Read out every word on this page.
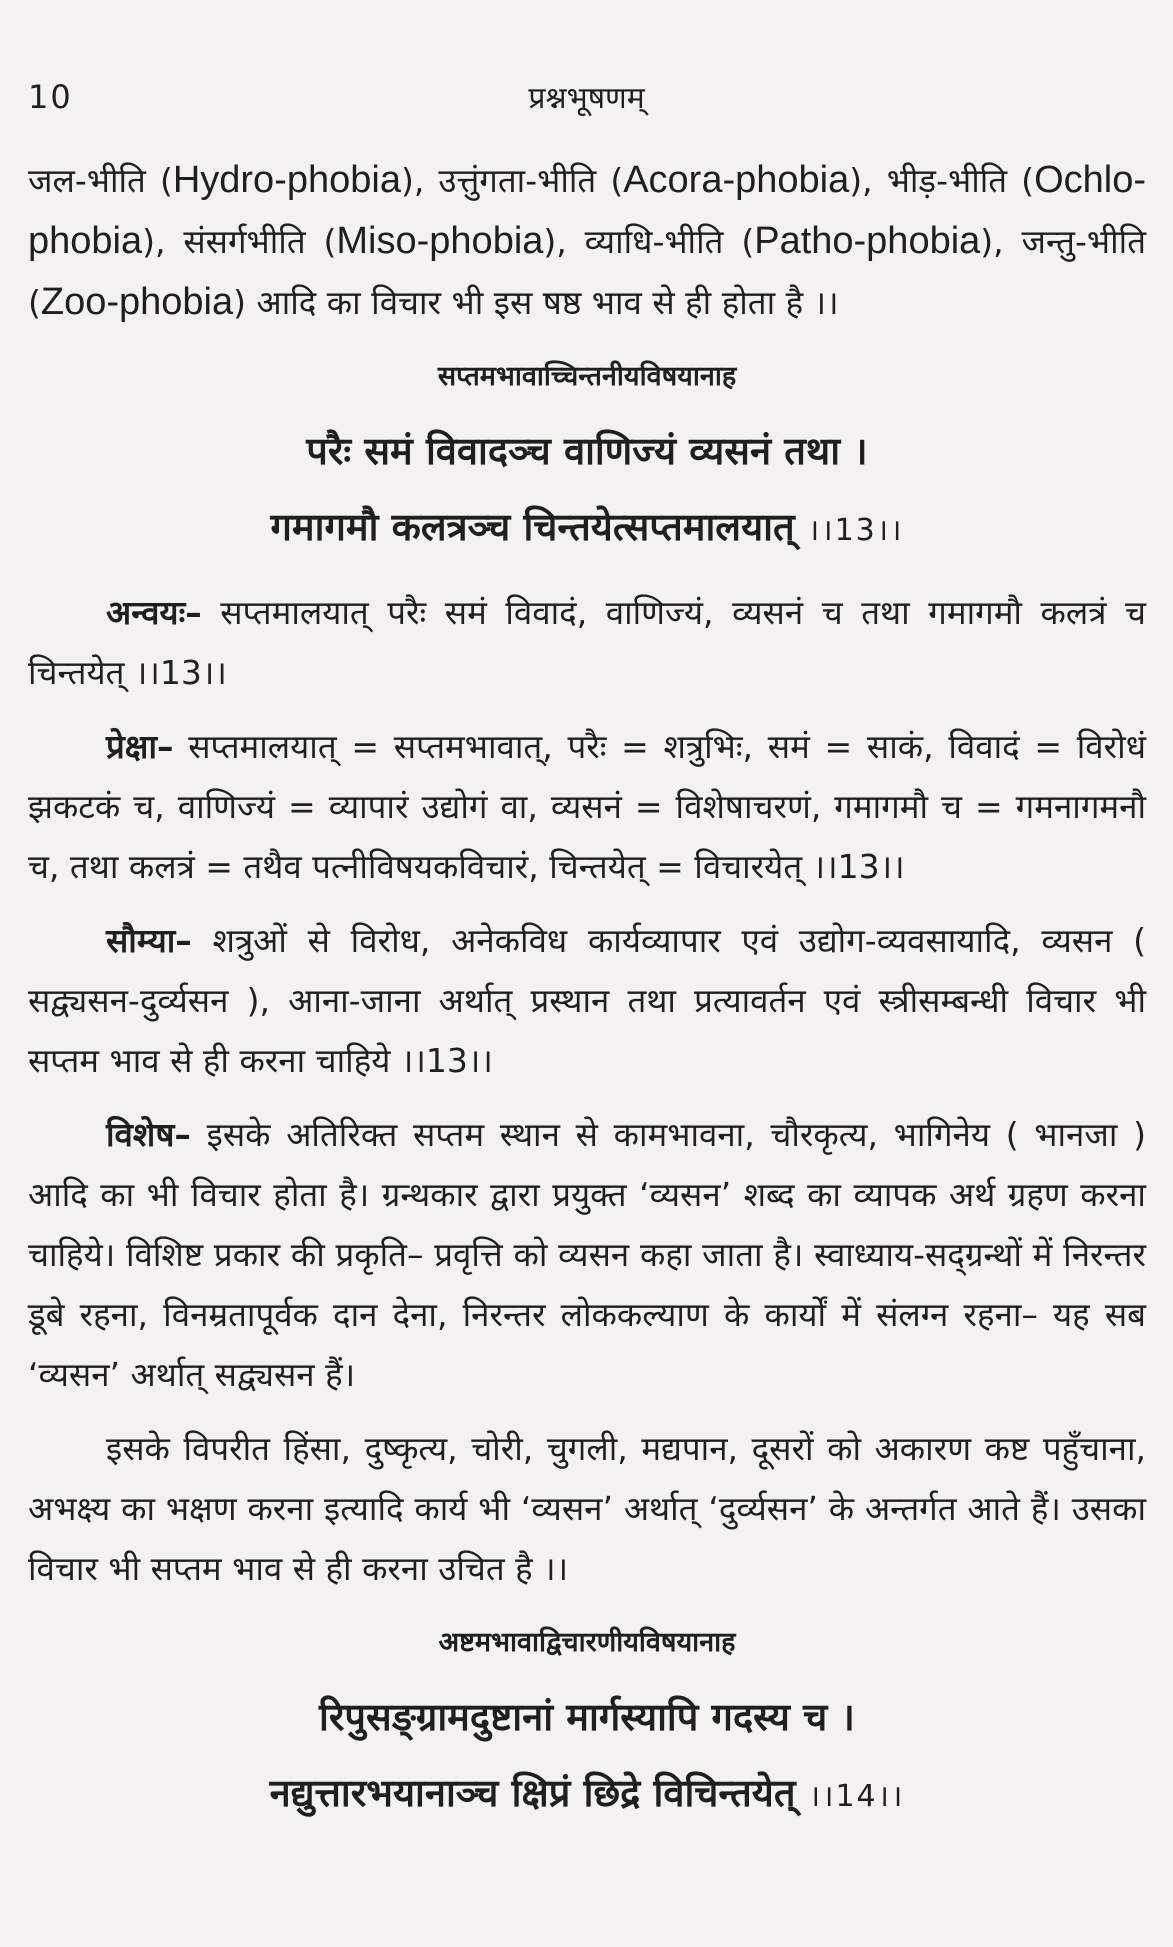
10	प्रश्नभूषणम्

जल-भीति (Hydro-phobia), उत्तुंगता-भीति (Acora-phobia), भीड़-भीति (Ochlo-phobia), संसर्गभीति (Miso-phobia), व्याधि-भीति (Patho-phobia), जन्तु-भीति (Zoo-phobia) आदि का विचार भी इस षष्ठ भाव से ही होता है ।।

सप्तमभावाच्चिन्तनीयविषयानाह
परैः समं विवादञ्च वाणिज्यं व्यसनं तथा ।
गमागमौ कलत्रञ्च चिन्तयेत्सप्तमालयात् ।।13।।

अन्वयः– सप्तमालयात् परैः समं विवादं, वाणिज्यं, व्यसनं च तथा गमागमौ कलत्रं च चिन्तयेत् ।।13।।

प्रेक्षा– सप्तमालयात् = सप्तमभावात्, परैः = शत्रुभिः, समं = साकं, विवादं = विरोधं झकटकं च, वाणिज्यं = व्यापारं उद्योगं वा, व्यसनं = विशेषाचरणं, गमागमौ च = गमनागमनौ च, तथा कलत्रं = तथैव पत्नीविषयकविचारं, चिन्तयेत् = विचारयेत् ।।13।।

सौम्या– शत्रुओं से विरोध, अनेकविध कार्यव्यापार एवं उद्योग-व्यवसायादि, व्यसन ( सद्व्यसन-दुर्व्यसन ), आना-जाना अर्थात् प्रस्थान तथा प्रत्यावर्तन एवं स्त्रीसम्बन्धी विचार भी सप्तम भाव से ही करना चाहिये ।।13।।

विशेष– इसके अतिरिक्त सप्तम स्थान से कामभावना, चौरकृत्य, भागिनेय ( भानजा ) आदि का भी विचार होता है। ग्रन्थकार द्वारा प्रयुक्त ‘व्यसन’ शब्द का व्यापक अर्थ ग्रहण करना चाहिये। विशिष्ट प्रकार की प्रकृति– प्रवृत्ति को व्यसन कहा जाता है। स्वाध्याय-सद्ग्रन्थों में निरन्तर डूबे रहना, विनम्रतापूर्वक दान देना, निरन्तर लोककल्याण के कार्यों में संलग्न रहना– यह सब ‘व्यसन’ अर्थात् सद्व्यसन हैं।

इसके विपरीत हिंसा, दुष्कृत्य, चोरी, चुगली, मद्यपान, दूसरों को अकारण कष्ट पहुँचाना, अभक्ष्य का भक्षण करना इत्यादि कार्य भी ‘व्यसन’ अर्थात् ‘दुर्व्यसन’ के अन्तर्गत आते हैं। उसका विचार भी सप्तम भाव से ही करना उचित है ।।

अष्टमभावाद्विचारणीयविषयानाह
रिपुसङ्ग्रामदुष्टानां मार्गस्यापि गदस्य च ।
नद्युत्तारभयानाञ्च क्षिप्रं छिद्रे विचिन्तयेत् ।।14।।
